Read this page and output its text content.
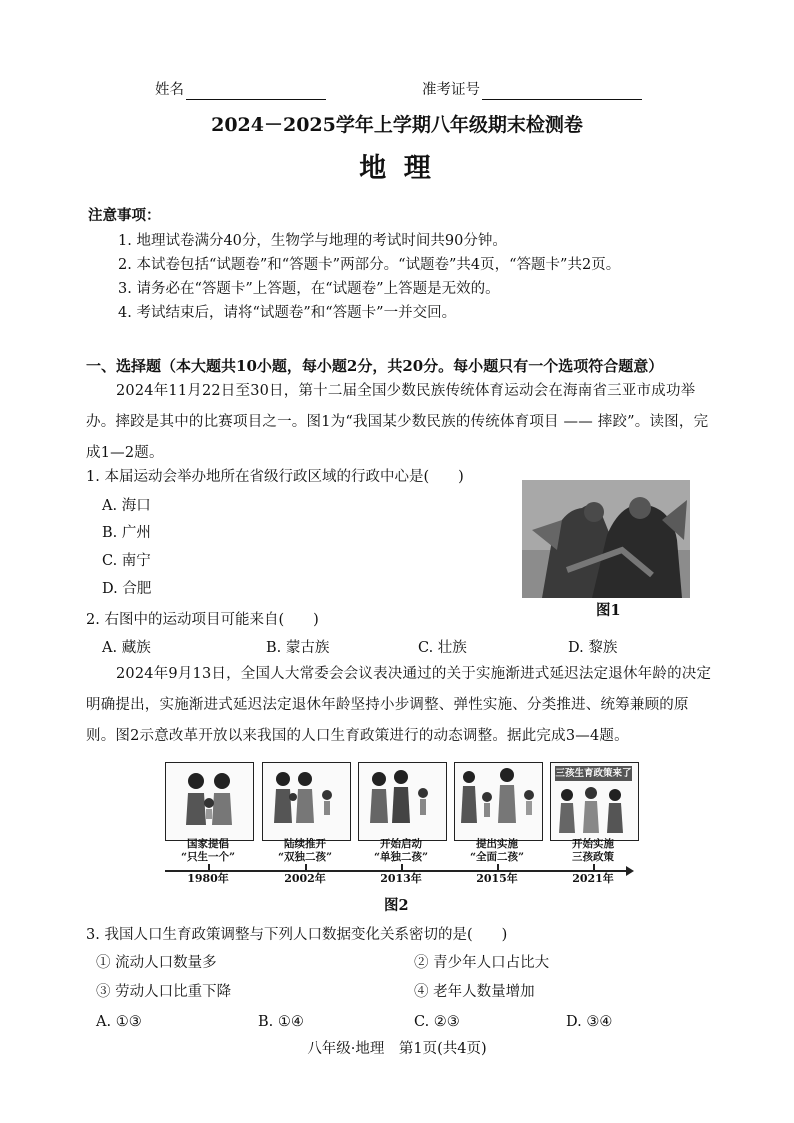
姓名	准考证号
2024－2025学年上学期八年级期末检测卷
地 理
注意事项：
1. 地理试卷满分40分，生物学与地理的考试时间共90分钟。
2. 本试卷包括“试题卷”和“答题卡”两部分。“试题卷”共4页，“答题卡”共2页。
3. 请务必在“答题卡”上答题，在“试题卷”上答题是无效的。
4. 考试结束后，请将“试题卷”和“答题卡”一并交回。
一、选择题（本大题共10小题，每小题2分，共20分。每小题只有一个选项符合题意）
2024年11月22日至30日，第十二届全国少数民族传统体育运动会在海南省三亚市成功举办。摔跤是其中的比赛项目之一。图1为“我国某少数民族的传统体育项目 —— 摔跤”。读图，完成1—2题。
1. 本届运动会举办地所在省级行政区域的行政中心是(　　)
A. 海口
B. 广州
C. 南宁
D. 合肥
图1
2. 右图中的运动项目可能来自(　　)
A. 藏族	B. 蒙古族	C. 壮族	D. 黎族
2024年9月13日，全国人大常委会会议表决通过的关于实施渐进式延迟法定退休年龄的决定明确提出，实施渐进式延迟法定退休年龄坚持小步调整、弹性实施、分类推进、统筹兼顾的原则。图2示意改革开放以来我国的人口生育政策进行的动态调整。据此完成3—4题。
三孩生育政策来了
国家提倡
“只生一个”
陆续推开
“双独二孩”
开始启动
“单独二孩”
提出实施
“全面二孩”
开始实施
三孩政策
1980年	2002年	2013年	2015年	2021年
图2
3. 我国人口生育政策调整与下列人口数据变化关系密切的是(　　)
① 流动人口数量多	② 青少年人口占比大
③ 劳动人口比重下降	④ 老年人数量增加
A. ①③	B. ①④	C. ②③	D. ③④
八年级·地理　第1页(共4页)
